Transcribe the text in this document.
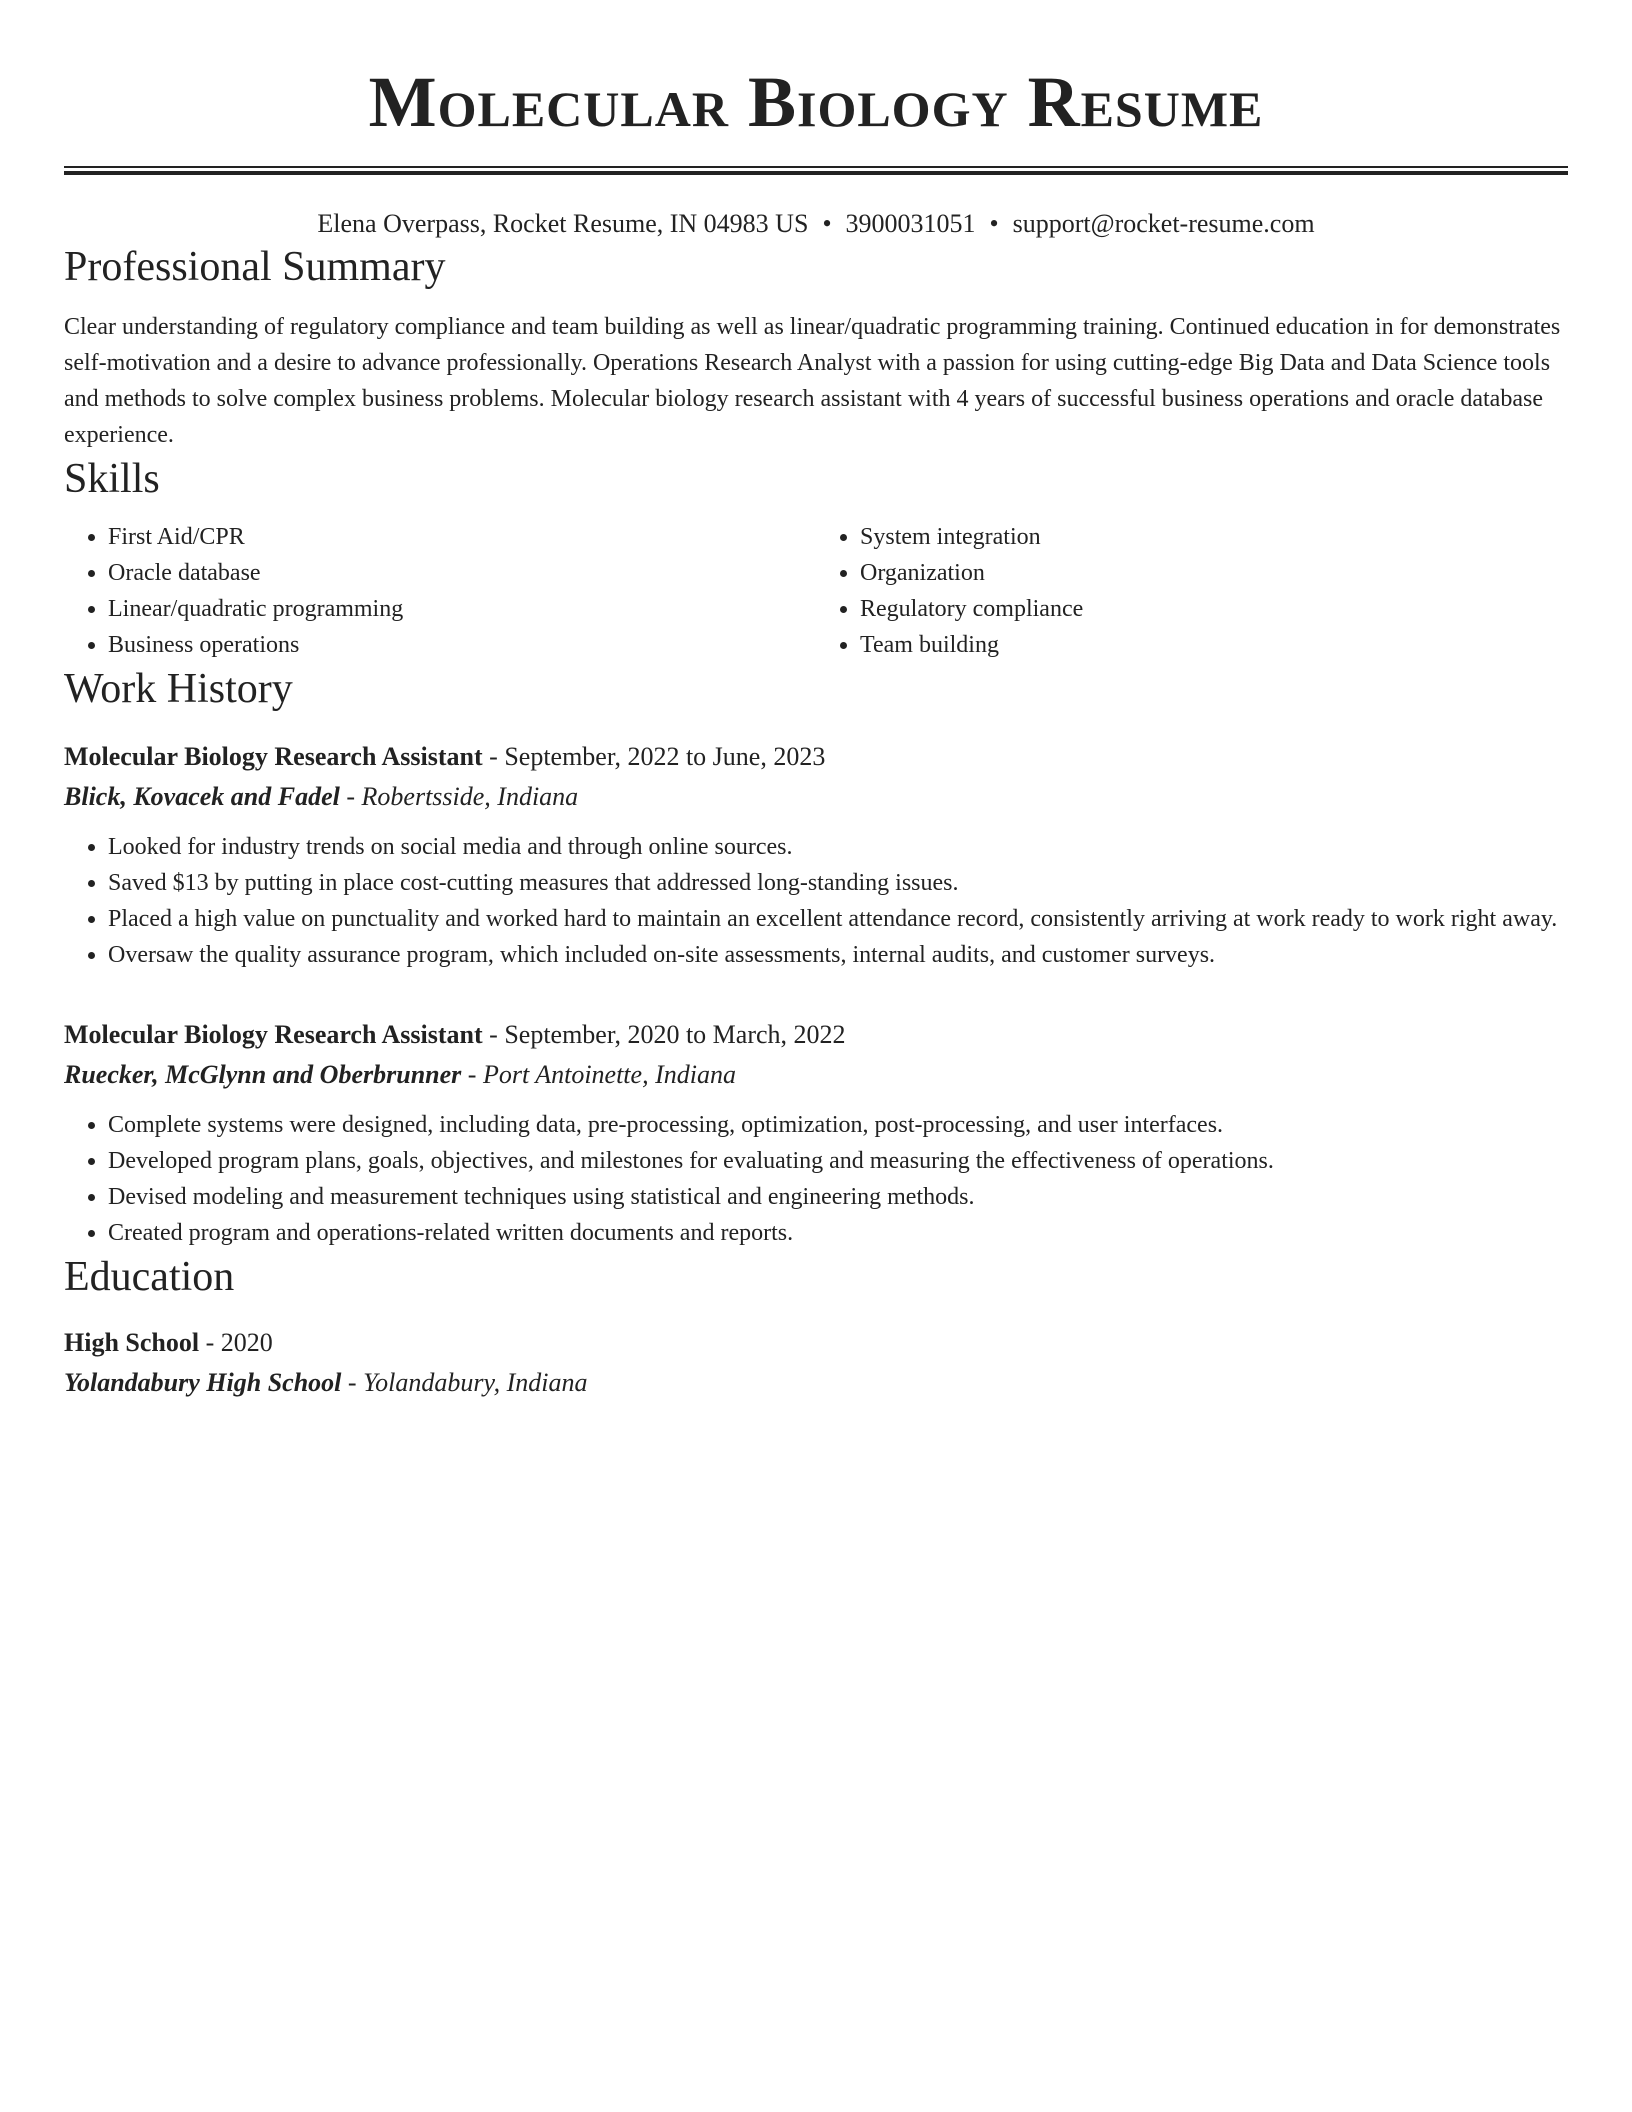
Molecular Biology Resume
Elena Overpass, Rocket Resume, IN 04983 US • 3900031051 • support@rocket-resume.com
Professional Summary

Clear understanding of regulatory compliance and team building as well as linear/quadratic programming training. Continued education in for demonstrates self-motivation and a desire to advance professionally. Operations Research Analyst with a passion for using cutting-edge Big Data and Data Science tools and methods to solve complex business problems. Molecular biology research assistant with 4 years of successful business operations and oracle database experience.

Skills
• First Aid/CPR
• Oracle database
• Linear/quadratic programming
• Business operations
• System integration
• Organization
• Regulatory compliance
• Team building
Work History
Molecular Biology Research Assistant - September, 2022 to June, 2023
Blick, Kovacek and Fadel - Robertsside, Indiana
• Looked for industry trends on social media and through online sources.
• Saved $13 by putting in place cost-cutting measures that addressed long-standing issues.
• Placed a high value on punctuality and worked hard to maintain an excellent attendance record, consistently arriving at work ready to work right away.
• Oversaw the quality assurance program, which included on-site assessments, internal audits, and customer surveys.
Molecular Biology Research Assistant - September, 2020 to March, 2022
Ruecker, McGlynn and Oberbrunner - Port Antoinette, Indiana
• Complete systems were designed, including data, pre-processing, optimization, post-processing, and user interfaces.
• Developed program plans, goals, objectives, and milestones for evaluating and measuring the effectiveness of operations.
• Devised modeling and measurement techniques using statistical and engineering methods.
• Created program and operations-related written documents and reports.
Education
High School - 2020
Yolandabury High School - Yolandabury, Indiana
